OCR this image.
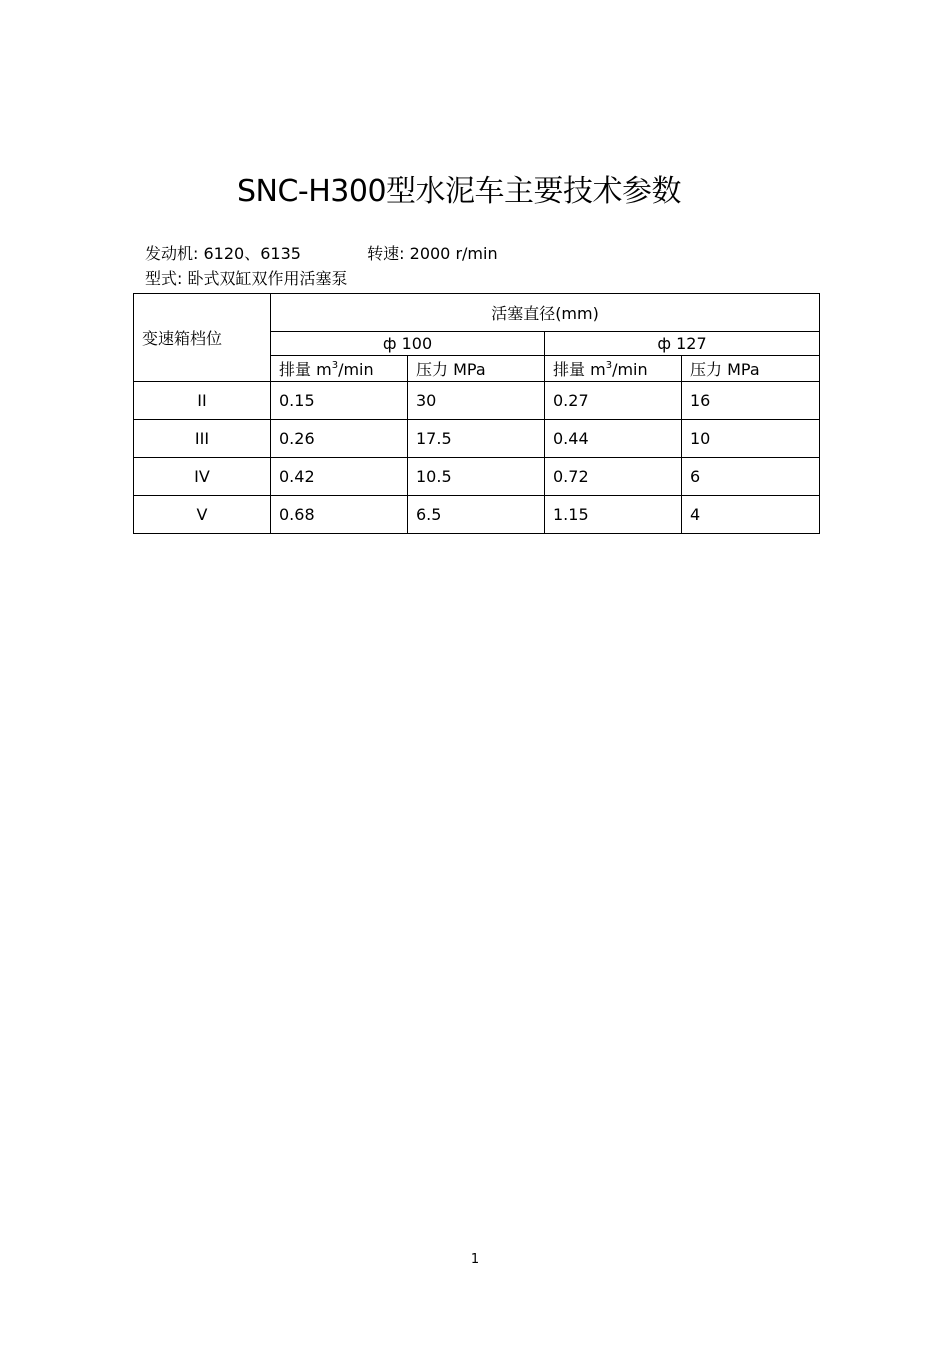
SNC-H300型水泥车主要技术参数
发动机: 6120、6135	转速: 2000 r/min
型式: 卧式双缸双作用活塞泵
变速箱档位	活塞直径(mm)			
	ф 100		ф 127	
	排量 $m^3/\min$	压力 MPa	排量 $m^3/\min$	压力 MPa
II	0.15	30	0.27	16
III	0.26	17.5	0.44	10
IV	0.42	10.5	0.72	6
V	0.68	6.5	1.15	4
1
